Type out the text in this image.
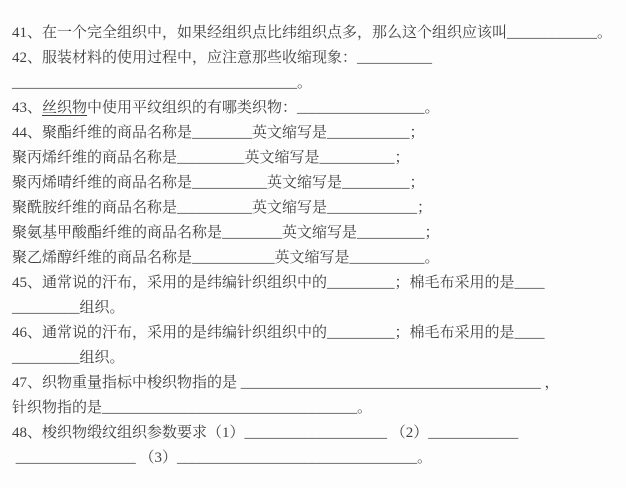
41、在一个完全组织中，如果经组织点比纬组织点多，那么这个组织应该叫____________。
42、服装材料的使用过程中，应注意那些收缩现象：__________
______________________________________。
43、丝织物中使用平纹组织的有哪类织物：_________________。
44、聚酯纤维的商品名称是________英文缩写是___________；
聚丙烯纤维的商品名称是_________英文缩写是__________；
聚丙烯晴纤维的商品名称是__________英文缩写是_________；
聚酰胺纤维的商品名称是__________英文缩写是____________；
聚氨基甲酸酯纤维的商品名称是________英文缩写是_________；
聚乙烯醇纤维的商品名称是___________英文缩写是__________。
45、通常说的汗布，采用的是纬编针织组织中的_________；棉毛布采用的是____
_________组织。
46、通常说的汗布，采用的是纬编针织组织中的_________；棉毛布采用的是____
_________组织。
47、织物重量指标中梭织物指的是 ________________________________________ ，
针织物指的是__________________________________。
48、梭织物缎纹组织参数要求（1）___________________ （2）____________
________________ （3）________________________________。
